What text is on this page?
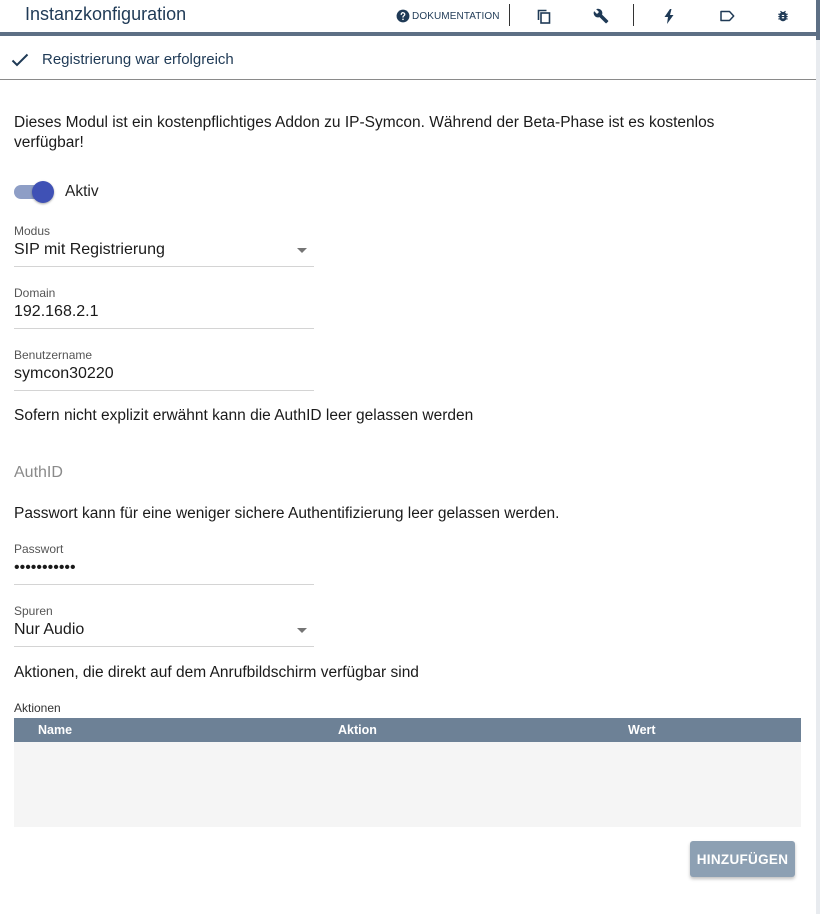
Instanzkonfiguration	DOKUMENTATION
Registrierung war erfolgreich
Dieses Modul ist ein kostenpflichtiges Addon zu IP-Symcon. Während der Beta-Phase ist es kostenlos verfügbar!
Aktiv
Modus
SIP mit Registrierung
Domain
192.168.2.1
Benutzername
symcon30220
Sofern nicht explizit erwähnt kann die AuthID leer gelassen werden
AuthID
Passwort kann für eine weniger sichere Authentifizierung leer gelassen werden.
Passwort
•••••••••••
Spuren
Nur Audio
Aktionen, die direkt auf dem Anrufbildschirm verfügbar sind
Aktionen
Name	Aktion	Wert
HINZUFÜGEN
